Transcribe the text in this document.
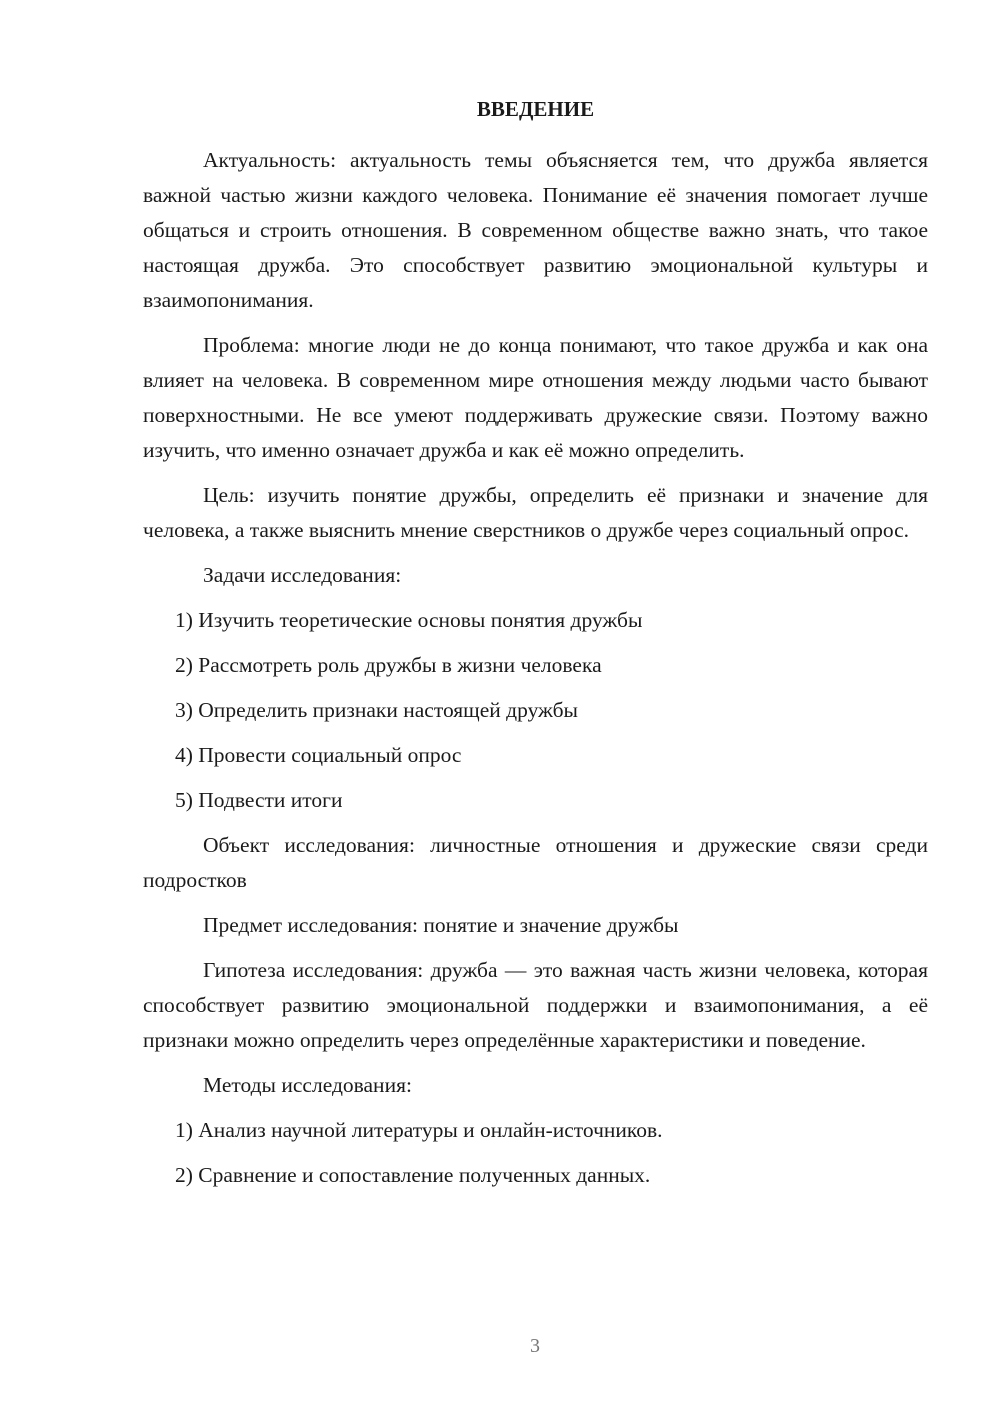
ВВЕДЕНИЕ

Актуальность: актуальность темы объясняется тем, что дружба является важной частью жизни каждого человека. Понимание её значения помогает лучше общаться и строить отношения. В современном обществе важно знать, что такое настоящая дружба. Это способствует развитию эмоциональной культуры и взаимопонимания.

Проблема: многие люди не до конца понимают, что такое дружба и как она влияет на человека. В современном мире отношения между людьми часто бывают поверхностными. Не все умеют поддерживать дружеские связи. Поэтому важно изучить, что именно означает дружба и как её можно определить.

Цель: изучить понятие дружбы, определить её признаки и значение для человека, а также выяснить мнение сверстников о дружбе через социальный опрос.

Задачи исследования:

1) Изучить теоретические основы понятия дружбы
2) Рассмотреть роль дружбы в жизни человека
3) Определить признаки настоящей дружбы
4) Провести социальный опрос
5) Подвести итоги

Объект исследования: личностные отношения и дружеские связи среди подростков

Предмет исследования: понятие и значение дружбы

Гипотеза исследования: дружба — это важная часть жизни человека, которая способствует развитию эмоциональной поддержки и взаимопонимания, а её признаки можно определить через определённые характеристики и поведение.

Методы исследования:

1) Анализ научной литературы и онлайн-источников.
2) Сравнение и сопоставление полученных данных.
3
